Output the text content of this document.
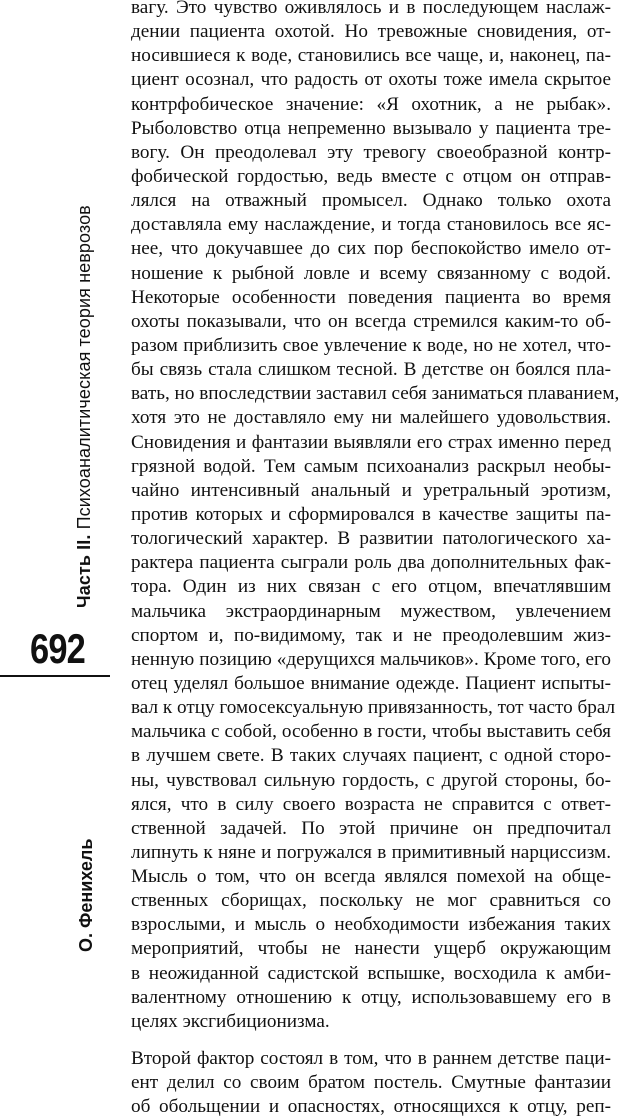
Часть II. Психоаналитическая теория неврозов
692
О. Фенихель
вагу. Это чувство оживлялось и в последующем наслаж-
дении пациента охотой. Но тревожные сновидения, от-
носившиеся к воде, становились все чаще, и, наконец, па-
циент осознал, что радость от охоты тоже имела скрытое
контрфобическое значение: «Я охотник, а не рыбак».
Рыболовство отца непременно вызывало у пациента тре-
вогу. Он преодолевал эту тревогу своеобразной контр-
фобической гордостью, ведь вместе с отцом он отправ-
лялся на отважный промысел. Однако только охота
доставляла ему наслаждение, и тогда становилось все яс-
нее, что докучавшее до сих пор беспокойство имело от-
ношение к рыбной ловле и всему связанному с водой.
Некоторые особенности поведения пациента во время
охоты показывали, что он всегда стремился каким-то об-
разом приблизить свое увлечение к воде, но не хотел, что-
бы связь стала слишком тесной. В детстве он боялся пла-
вать, но впоследствии заставил себя заниматься плаванием,
хотя это не доставляло ему ни малейшего удовольствия.
Сновидения и фантазии выявляли его страх именно перед
грязной водой. Тем самым психоанализ раскрыл необы-
чайно интенсивный анальный и уретральный эротизм,
против которых и сформировался в качестве защиты па-
тологический характер. В развитии патологического ха-
рактера пациента сыграли роль два дополнительных фак-
тора. Один из них связан с его отцом, впечатлявшим
мальчика экстраординарным мужеством, увлечением
спортом и, по-видимому, так и не преодолевшим жиз-
ненную позицию «дерущихся мальчиков». Кроме того, его
отец уделял большое внимание одежде. Пациент испыты-
вал к отцу гомосексуальную привязанность, тот часто брал
мальчика с собой, особенно в гости, чтобы выставить себя
в лучшем свете. В таких случаях пациент, с одной сторо-
ны, чувствовал сильную гордость, с другой стороны, бо-
ялся, что в силу своего возраста не справится с ответ-
ственной задачей. По этой причине он предпочитал
липнуть к няне и погружался в примитивный нарциссизм.
Мысль о том, что он всегда являлся помехой на обще-
ственных сборищах, поскольку не мог сравниться со
взрослыми, и мысль о необходимости избежания таких
мероприятий, чтобы не нанести ущерб окружающим
в неожиданной садистской вспышке, восходила к амби-
валентному отношению к отцу, использовавшему его в
целях эксгибиционизма.
Второй фактор состоял в том, что в раннем детстве паци-
ент делил со своим братом постель. Смутные фантазии
об обольщении и опасностях, относящихся к отцу, реп-
